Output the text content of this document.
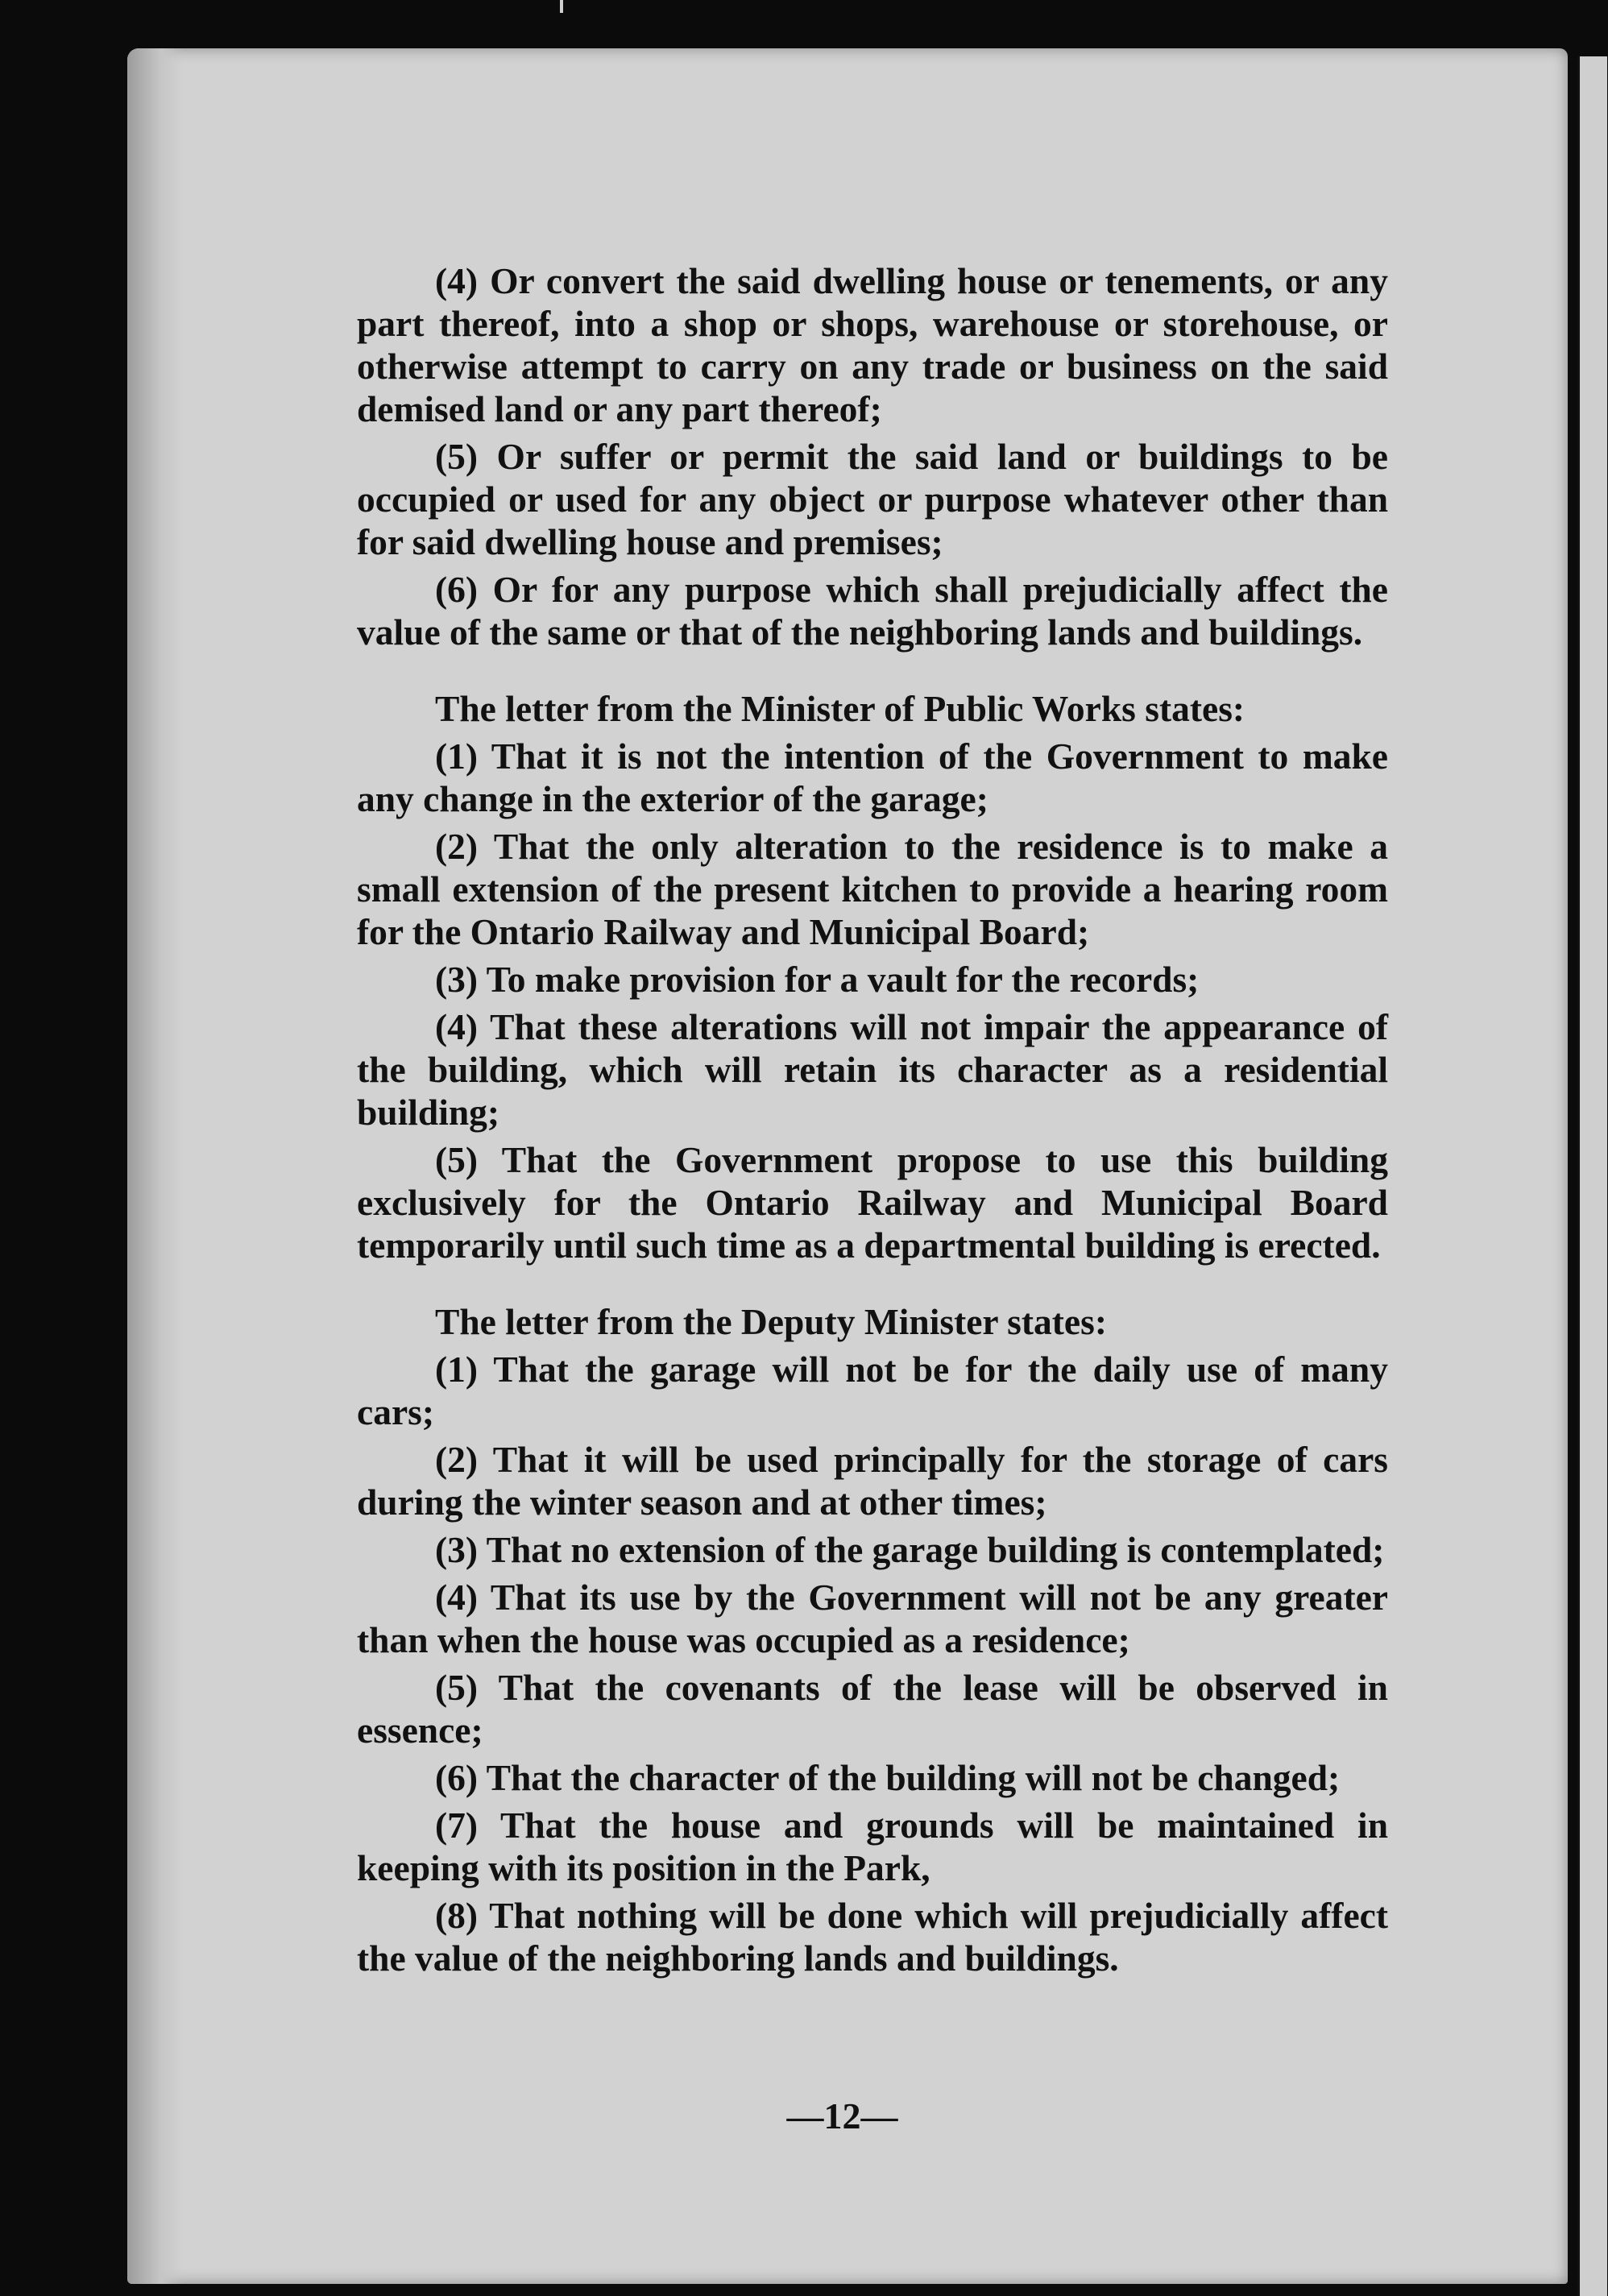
(4) Or convert the said dwelling house or tenements, or any part thereof, into a shop or shops, warehouse or storehouse, or otherwise attempt to carry on any trade or business on the said demised land or any part thereof;

(5) Or suffer or permit the said land or buildings to be occupied or used for any object or purpose whatever other than for said dwelling house and premises;

(6) Or for any purpose which shall prejudicially affect the value of the same or that of the neighboring lands and buildings.

The letter from the Minister of Public Works states:

(1) That it is not the intention of the Government to make any change in the exterior of the garage;

(2) That the only alteration to the residence is to make a small extension of the present kitchen to provide a hearing room for the Ontario Railway and Municipal Board;

(3) To make provision for a vault for the records;

(4) That these alterations will not impair the appearance of the building, which will retain its character as a residential building;

(5) That the Government propose to use this building exclusively for the Ontario Railway and Municipal Board temporarily until such time as a departmental building is erected.

The letter from the Deputy Minister states:

(1) That the garage will not be for the daily use of many cars;

(2) That it will be used principally for the storage of cars during the winter season and at other times;

(3) That no extension of the garage building is contemplated;

(4) That its use by the Government will not be any greater than when the house was occupied as a residence;

(5) That the covenants of the lease will be observed in essence;

(6) That the character of the building will not be changed;

(7) That the house and grounds will be maintained in keeping with its position in the Park,

(8) That nothing will be done which will prejudicially affect the value of the neighboring lands and buildings.

—12—
